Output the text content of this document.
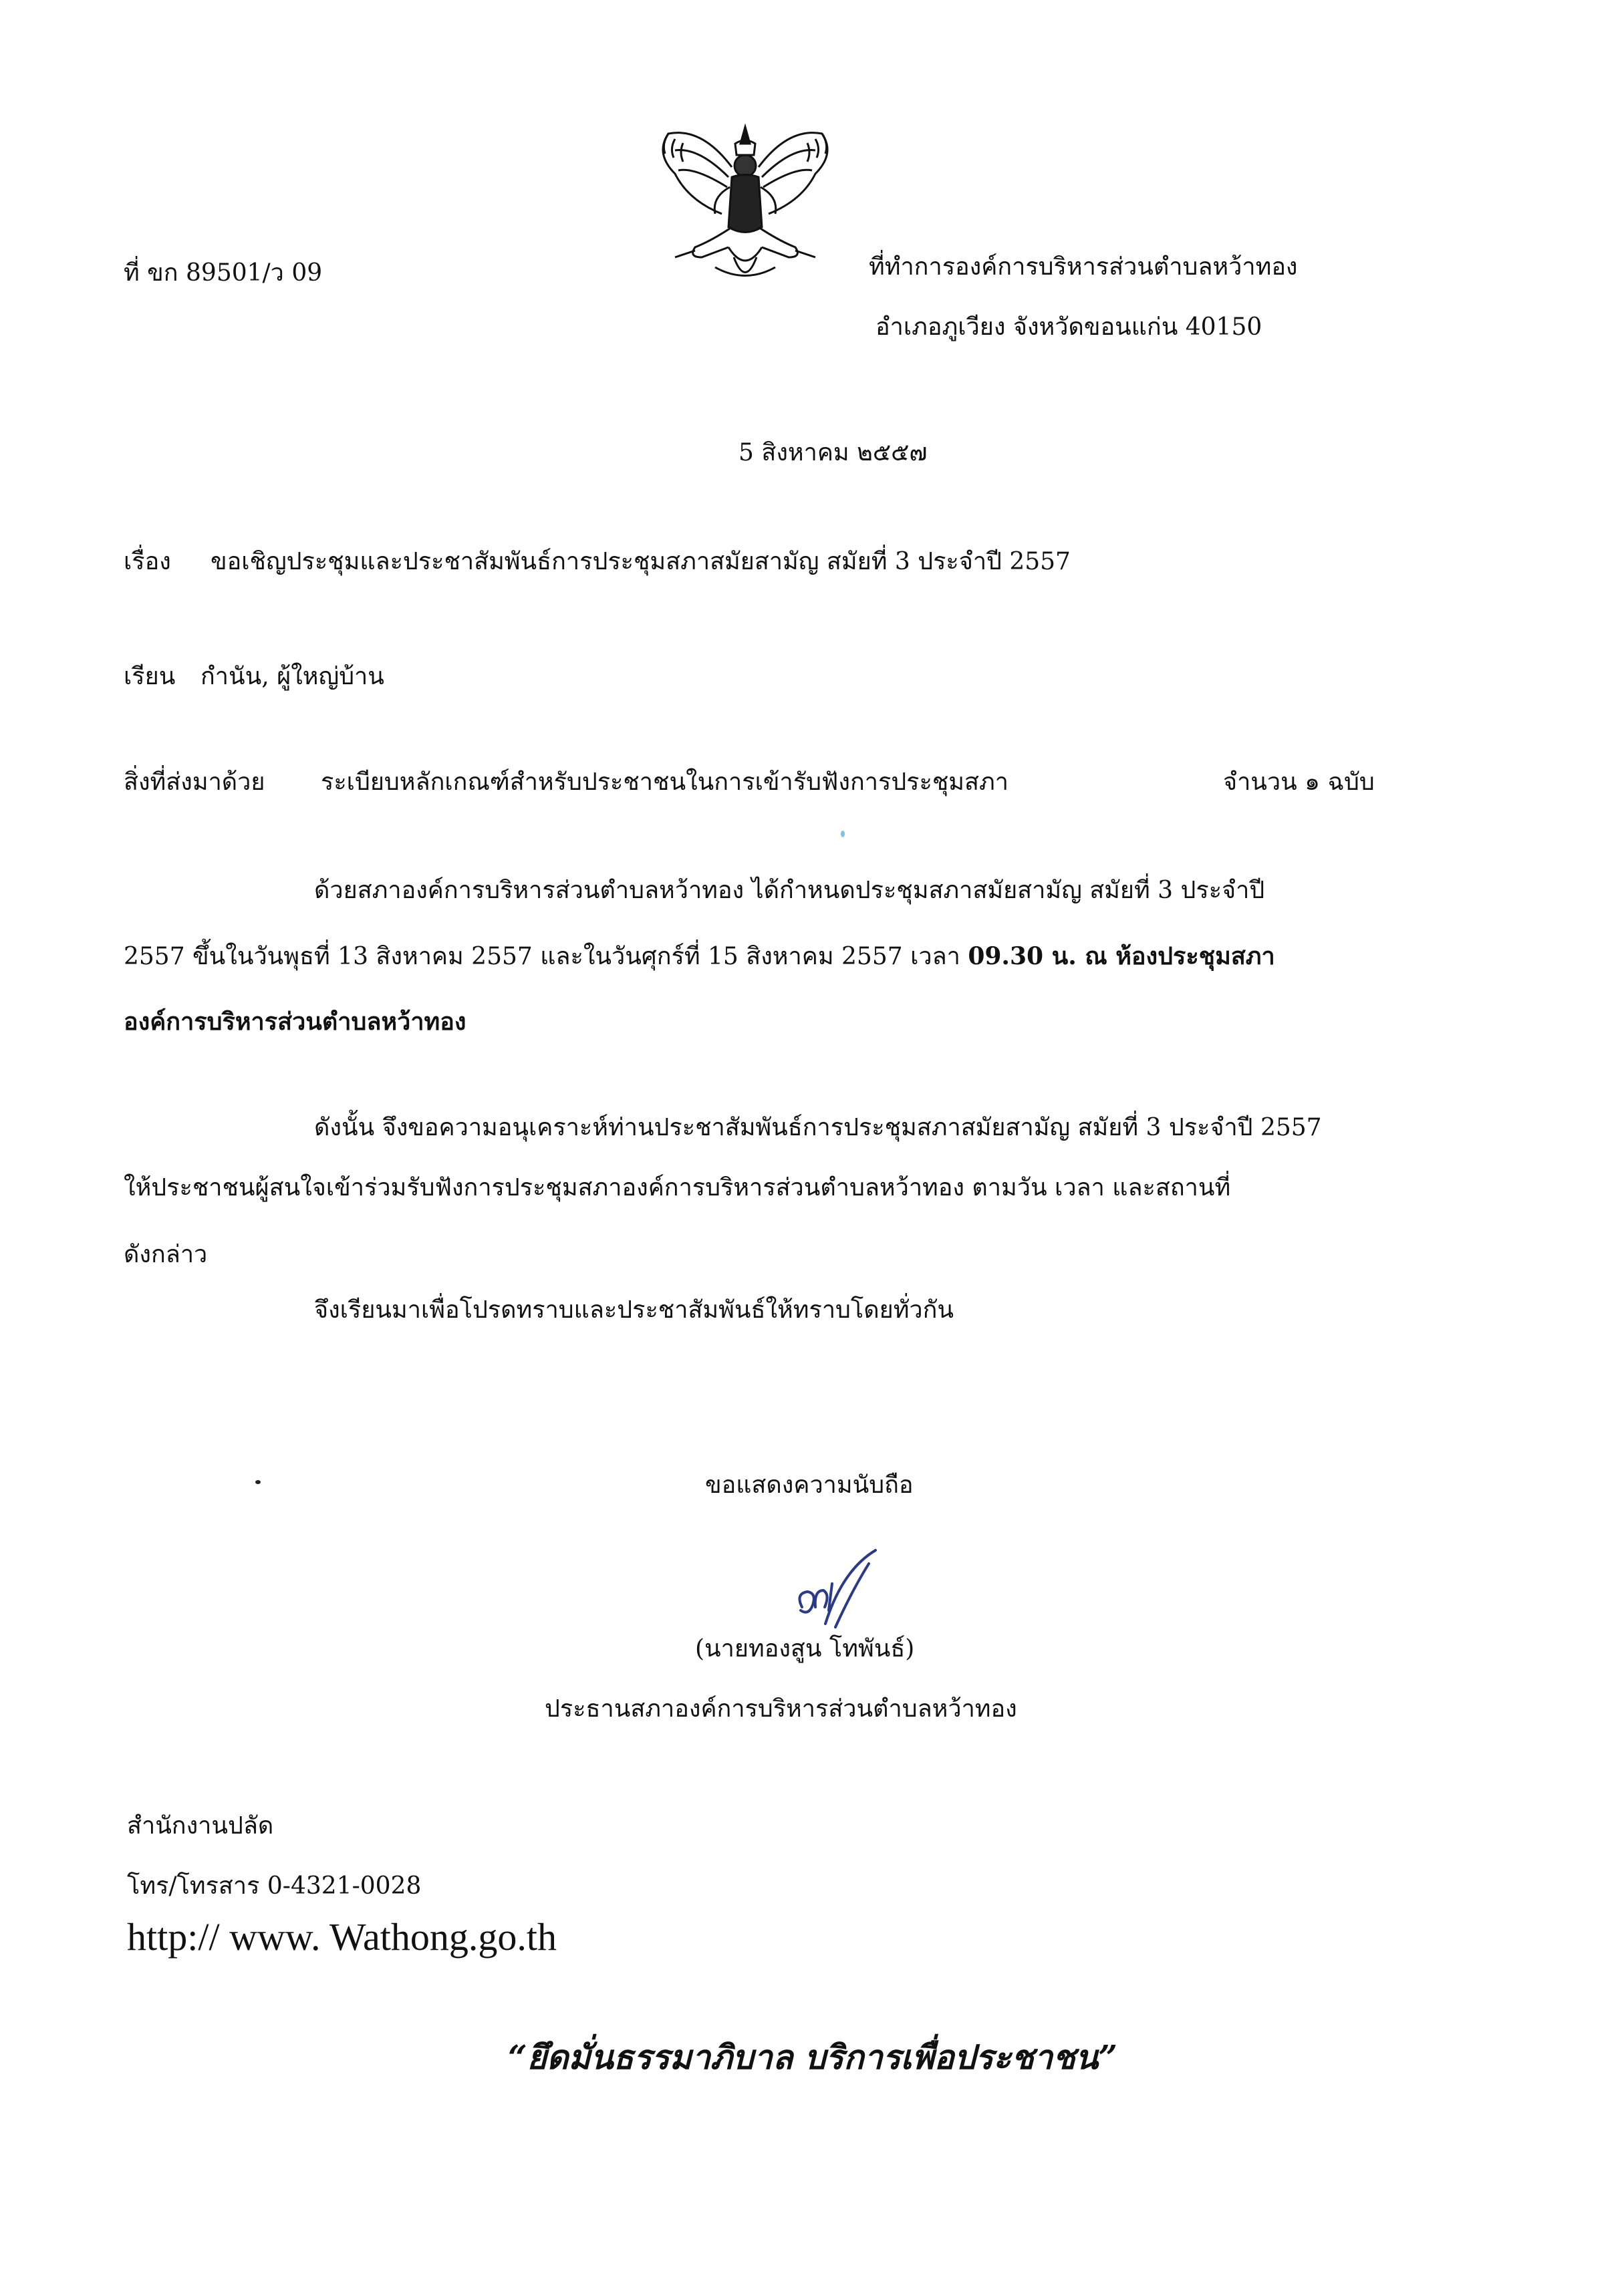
ที่ ขก 89501/ว 09	ที่ทำการองค์การบริหารส่วนตำบลหว้าทอง
อำเภอภูเวียง จังหวัดขอนแก่น 40150
5 สิงหาคม ๒๕๕๗
เรื่อง ขอเชิญประชุมและประชาสัมพันธ์การประชุมสภาสมัยสามัญ สมัยที่ 3 ประจำปี 2557
เรียน กำนัน, ผู้ใหญ่บ้าน
สิ่งที่ส่งมาด้วย ระเบียบหลักเกณฑ์สำหรับประชาชนในการเข้ารับฟังการประชุมสภา	จำนวน ๑ ฉบับ
ด้วยสภาองค์การบริหารส่วนตำบลหว้าทอง ได้กำหนดประชุมสภาสมัยสามัญ สมัยที่ 3 ประจำปี
2557 ขึ้นในวันพุธที่ 13 สิงหาคม 2557 และในวันศุกร์ที่ 15 สิงหาคม 2557 เวลา 09.30 น. ณ ห้องประชุมสภา
องค์การบริหารส่วนตำบลหว้าทอง
ดังนั้น จึงขอความอนุเคราะห์ท่านประชาสัมพันธ์การประชุมสภาสมัยสามัญ สมัยที่ 3 ประจำปี 2557
ให้ประชาชนผู้สนใจเข้าร่วมรับฟังการประชุมสภาองค์การบริหารส่วนตำบลหว้าทอง ตามวัน เวลา และสถานที่
ดังกล่าว
จึงเรียนมาเพื่อโปรดทราบและประชาสัมพันธ์ให้ทราบโดยทั่วกัน
ขอแสดงความนับถือ
(นายทองสูน โทพันธ์)
ประธานสภาองค์การบริหารส่วนตำบลหว้าทอง
สำนักงานปลัด
โทร/โทรสาร 0-4321-0028
http:// www. Wathong.go.th
“ยึดมั่นธรรมาภิบาล บริการเพื่อประชาชน”
